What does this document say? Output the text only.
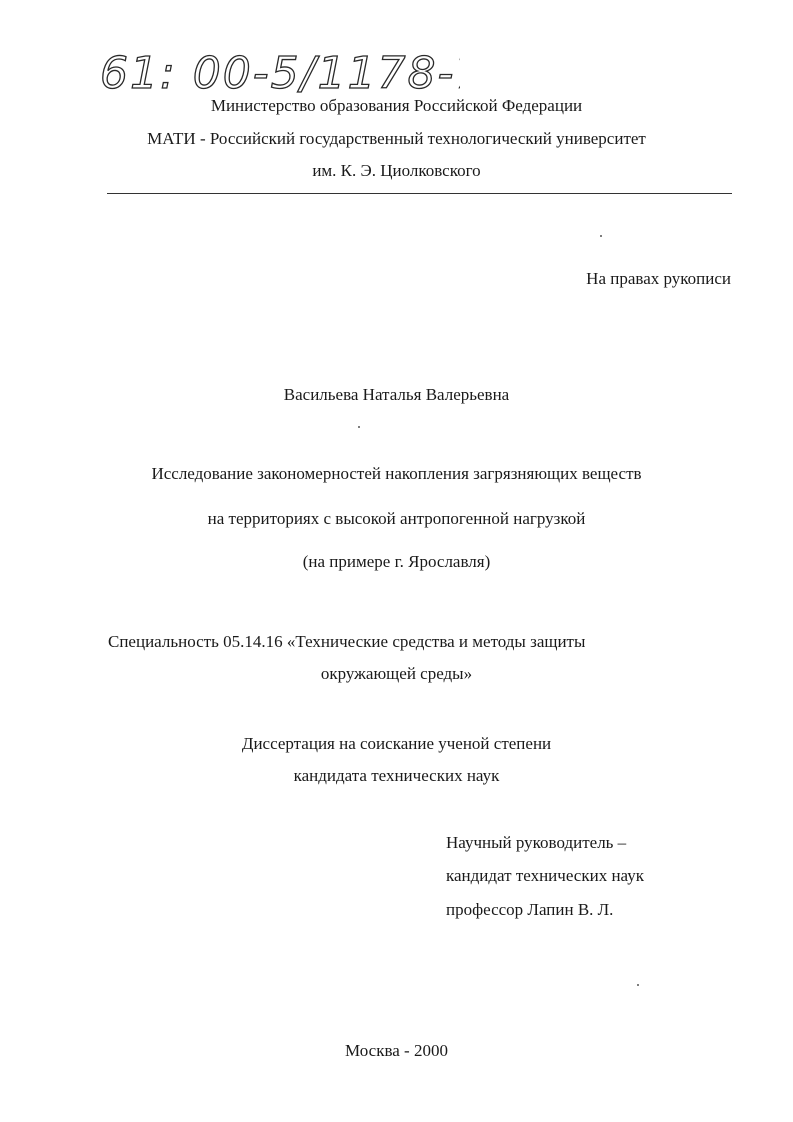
61: 00-5/1178-7
Министерство образования Российской Федерации
МАТИ - Российский государственный технологический университет
им. К. Э. Циолковского
На правах рукописи
Васильева Наталья Валерьевна
Исследование закономерностей накопления загрязняющих веществ
на территориях с высокой антропогенной нагрузкой
(на примере г. Ярославля)
Специальность 05.14.16 «Технические средства и методы защиты
окружающей среды»
Диссертация на соискание ученой степени
кандидата технических наук
Научный руководитель –
кандидат технических наук
профессор Лапин В. Л.
Москва - 2000
